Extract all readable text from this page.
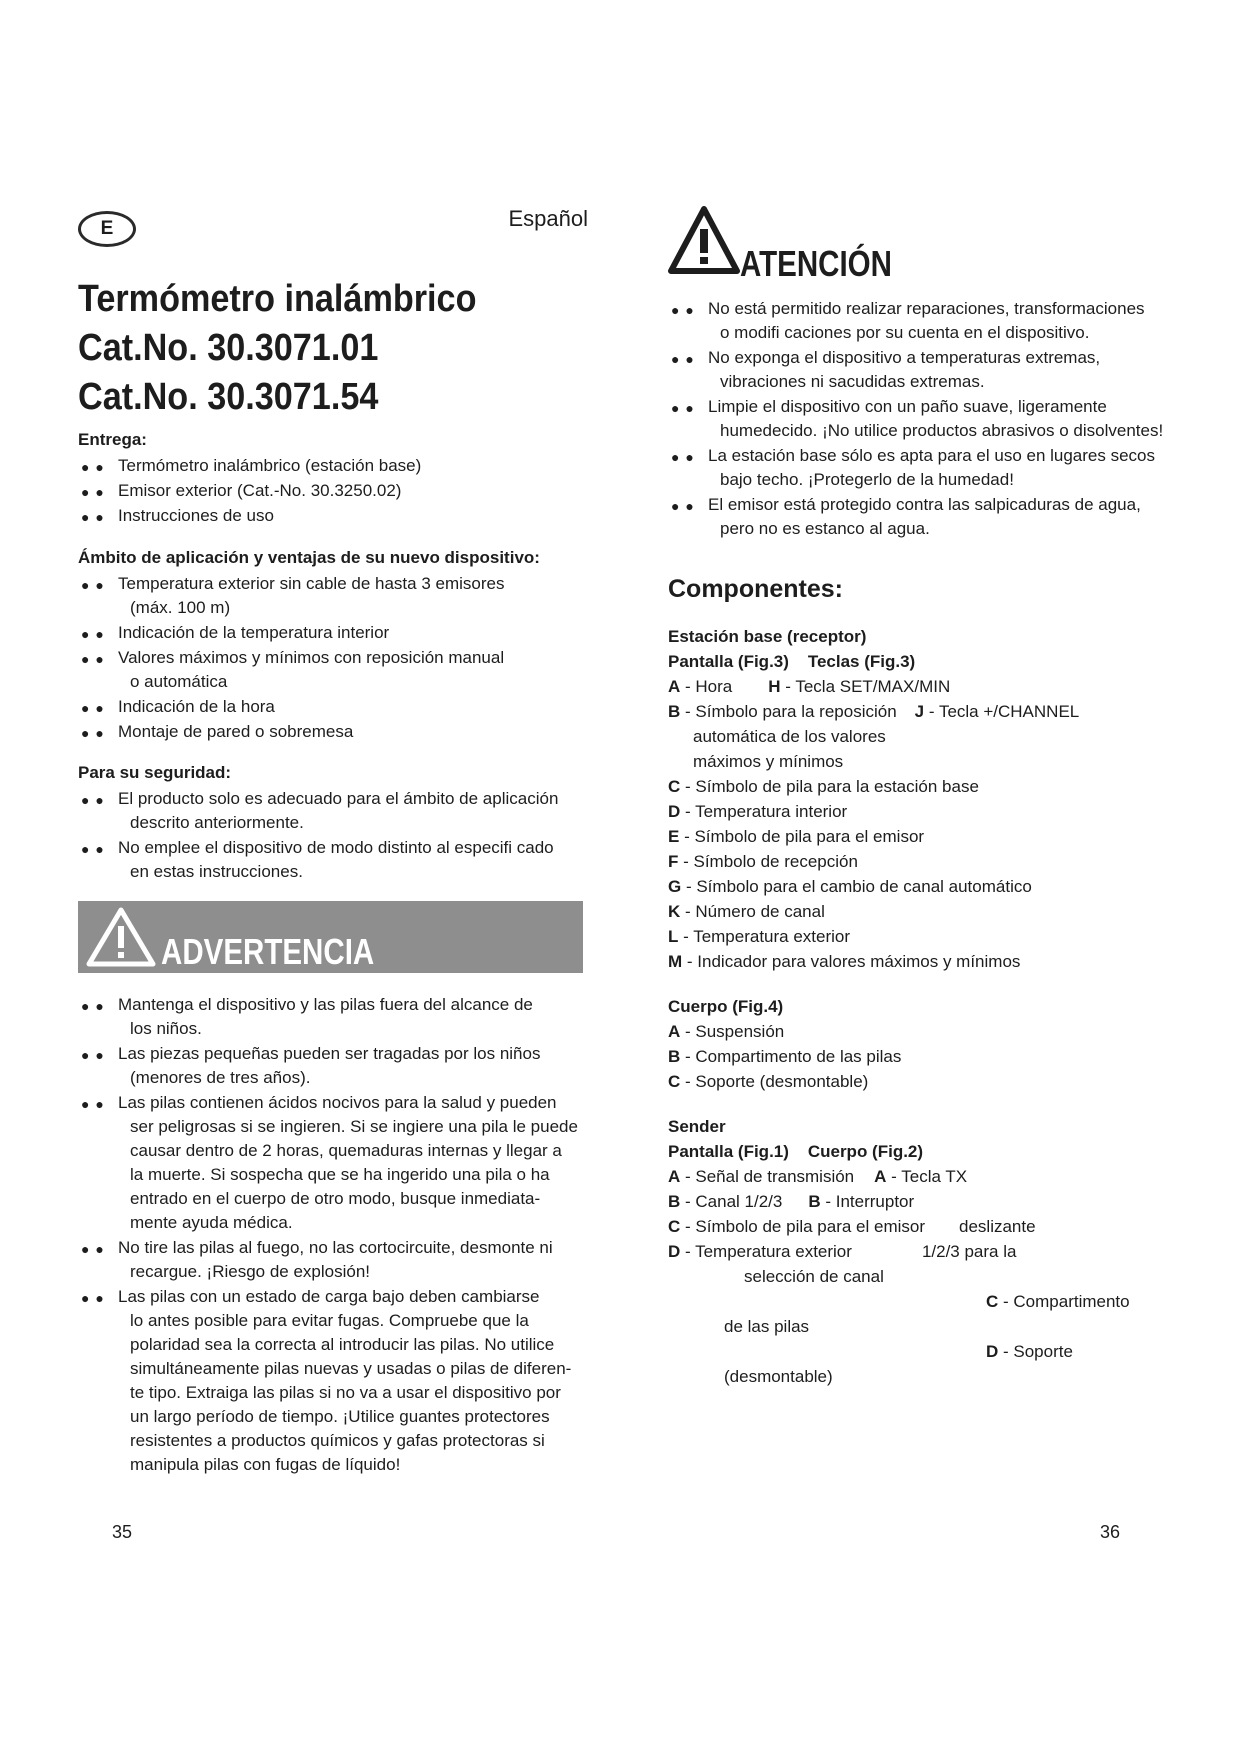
E	Español
Termómetro inalámbrico
Cat.No. 30.3071.01
Cat.No. 30.3071.54
Entrega:
● ● Termómetro inalámbrico (estación base)
● ● Emisor exterior (Cat.-No. 30.3250.02)
● ● Instrucciones de uso
Ámbito de aplicación y ventajas de su nuevo dispositivo:
● ● Temperatura exterior sin cable de hasta 3 emisores
(máx. 100 m)
● ● Indicación de la temperatura interior
● ● Valores máximos y mínimos con reposición manual
o automática
● ● Indicación de la hora
● ● Montaje de pared o sobremesa
Para su seguridad:
● ● El producto solo es adecuado para el ámbito de aplicación
descrito anteriormente.
● ● No emplee el dispositivo de modo distinto al especifi cado
en estas instrucciones.
ADVERTENCIA
● ● Mantenga el dispositivo y las pilas fuera del alcance de
los niños.
● ● Las piezas pequeñas pueden ser tragadas por los niños
(menores de tres años).
● ● Las pilas contienen ácidos nocivos para la salud y pueden
ser peligrosas si se ingieren. Si se ingiere una pila le puede
causar dentro de 2 horas, quemaduras internas y llegar a
la muerte. Si sospecha que se ha ingerido una pila o ha
entrado en el cuerpo de otro modo, busque inmediata-
mente ayuda médica.
● ● No tire las pilas al fuego, no las cortocircuite, desmonte ni
recargue. ¡Riesgo de explosión!
● ● Las pilas con un estado de carga bajo deben cambiarse
lo antes posible para evitar fugas. Compruebe que la
polaridad sea la correcta al introducir las pilas. No utilice
simultáneamente pilas nuevas y usadas o pilas de diferen-
te tipo. Extraiga las pilas si no va a usar el dispositivo por
un largo período de tiempo. ¡Utilice guantes protectores
resistentes a productos químicos y gafas protectoras si
manipula pilas con fugas de líquido!
35
ATENCIÓN
● ● No está permitido realizar reparaciones, transformaciones
o modifi caciones por su cuenta en el dispositivo.
● ● No exponga el dispositivo a temperaturas extremas,
vibraciones ni sacudidas extremas.
● ● Limpie el dispositivo con un paño suave, ligeramente
humedecido. ¡No utilice productos abrasivos o disolventes!
● ● La estación base sólo es apta para el uso en lugares secos
bajo techo. ¡Protegerlo de la humedad!
● ● El emisor está protegido contra las salpicaduras de agua,
pero no es estanco al agua.
Componentes:
Estación base (receptor)
Pantalla (Fig.3) Teclas (Fig.3)
A - Hora H - Tecla SET/MAX/MIN
B - Símbolo para la reposición J - Tecla +/CHANNEL
automática de los valores
máximos y mínimos
C - Símbolo de pila para la estación base
D - Temperatura interior
E - Símbolo de pila para el emisor
F - Símbolo de recepción
G - Símbolo para el cambio de canal automático
K - Número de canal
L - Temperatura exterior
M - Indicador para valores máximos y mínimos
Cuerpo (Fig.4)
A - Suspensión
B - Compartimento de las pilas
C - Soporte (desmontable)
Sender
Pantalla (Fig.1) Cuerpo (Fig.2)
A - Señal de transmisión A - Tecla TX
B - Canal 1/2/3 B - Interruptor
C - Símbolo de pila para el emisor deslizante
D - Temperatura exterior	1/2/3 para la
selección de canal
C - Compartimento
de las pilas
D - Soporte
(desmontable)
36
